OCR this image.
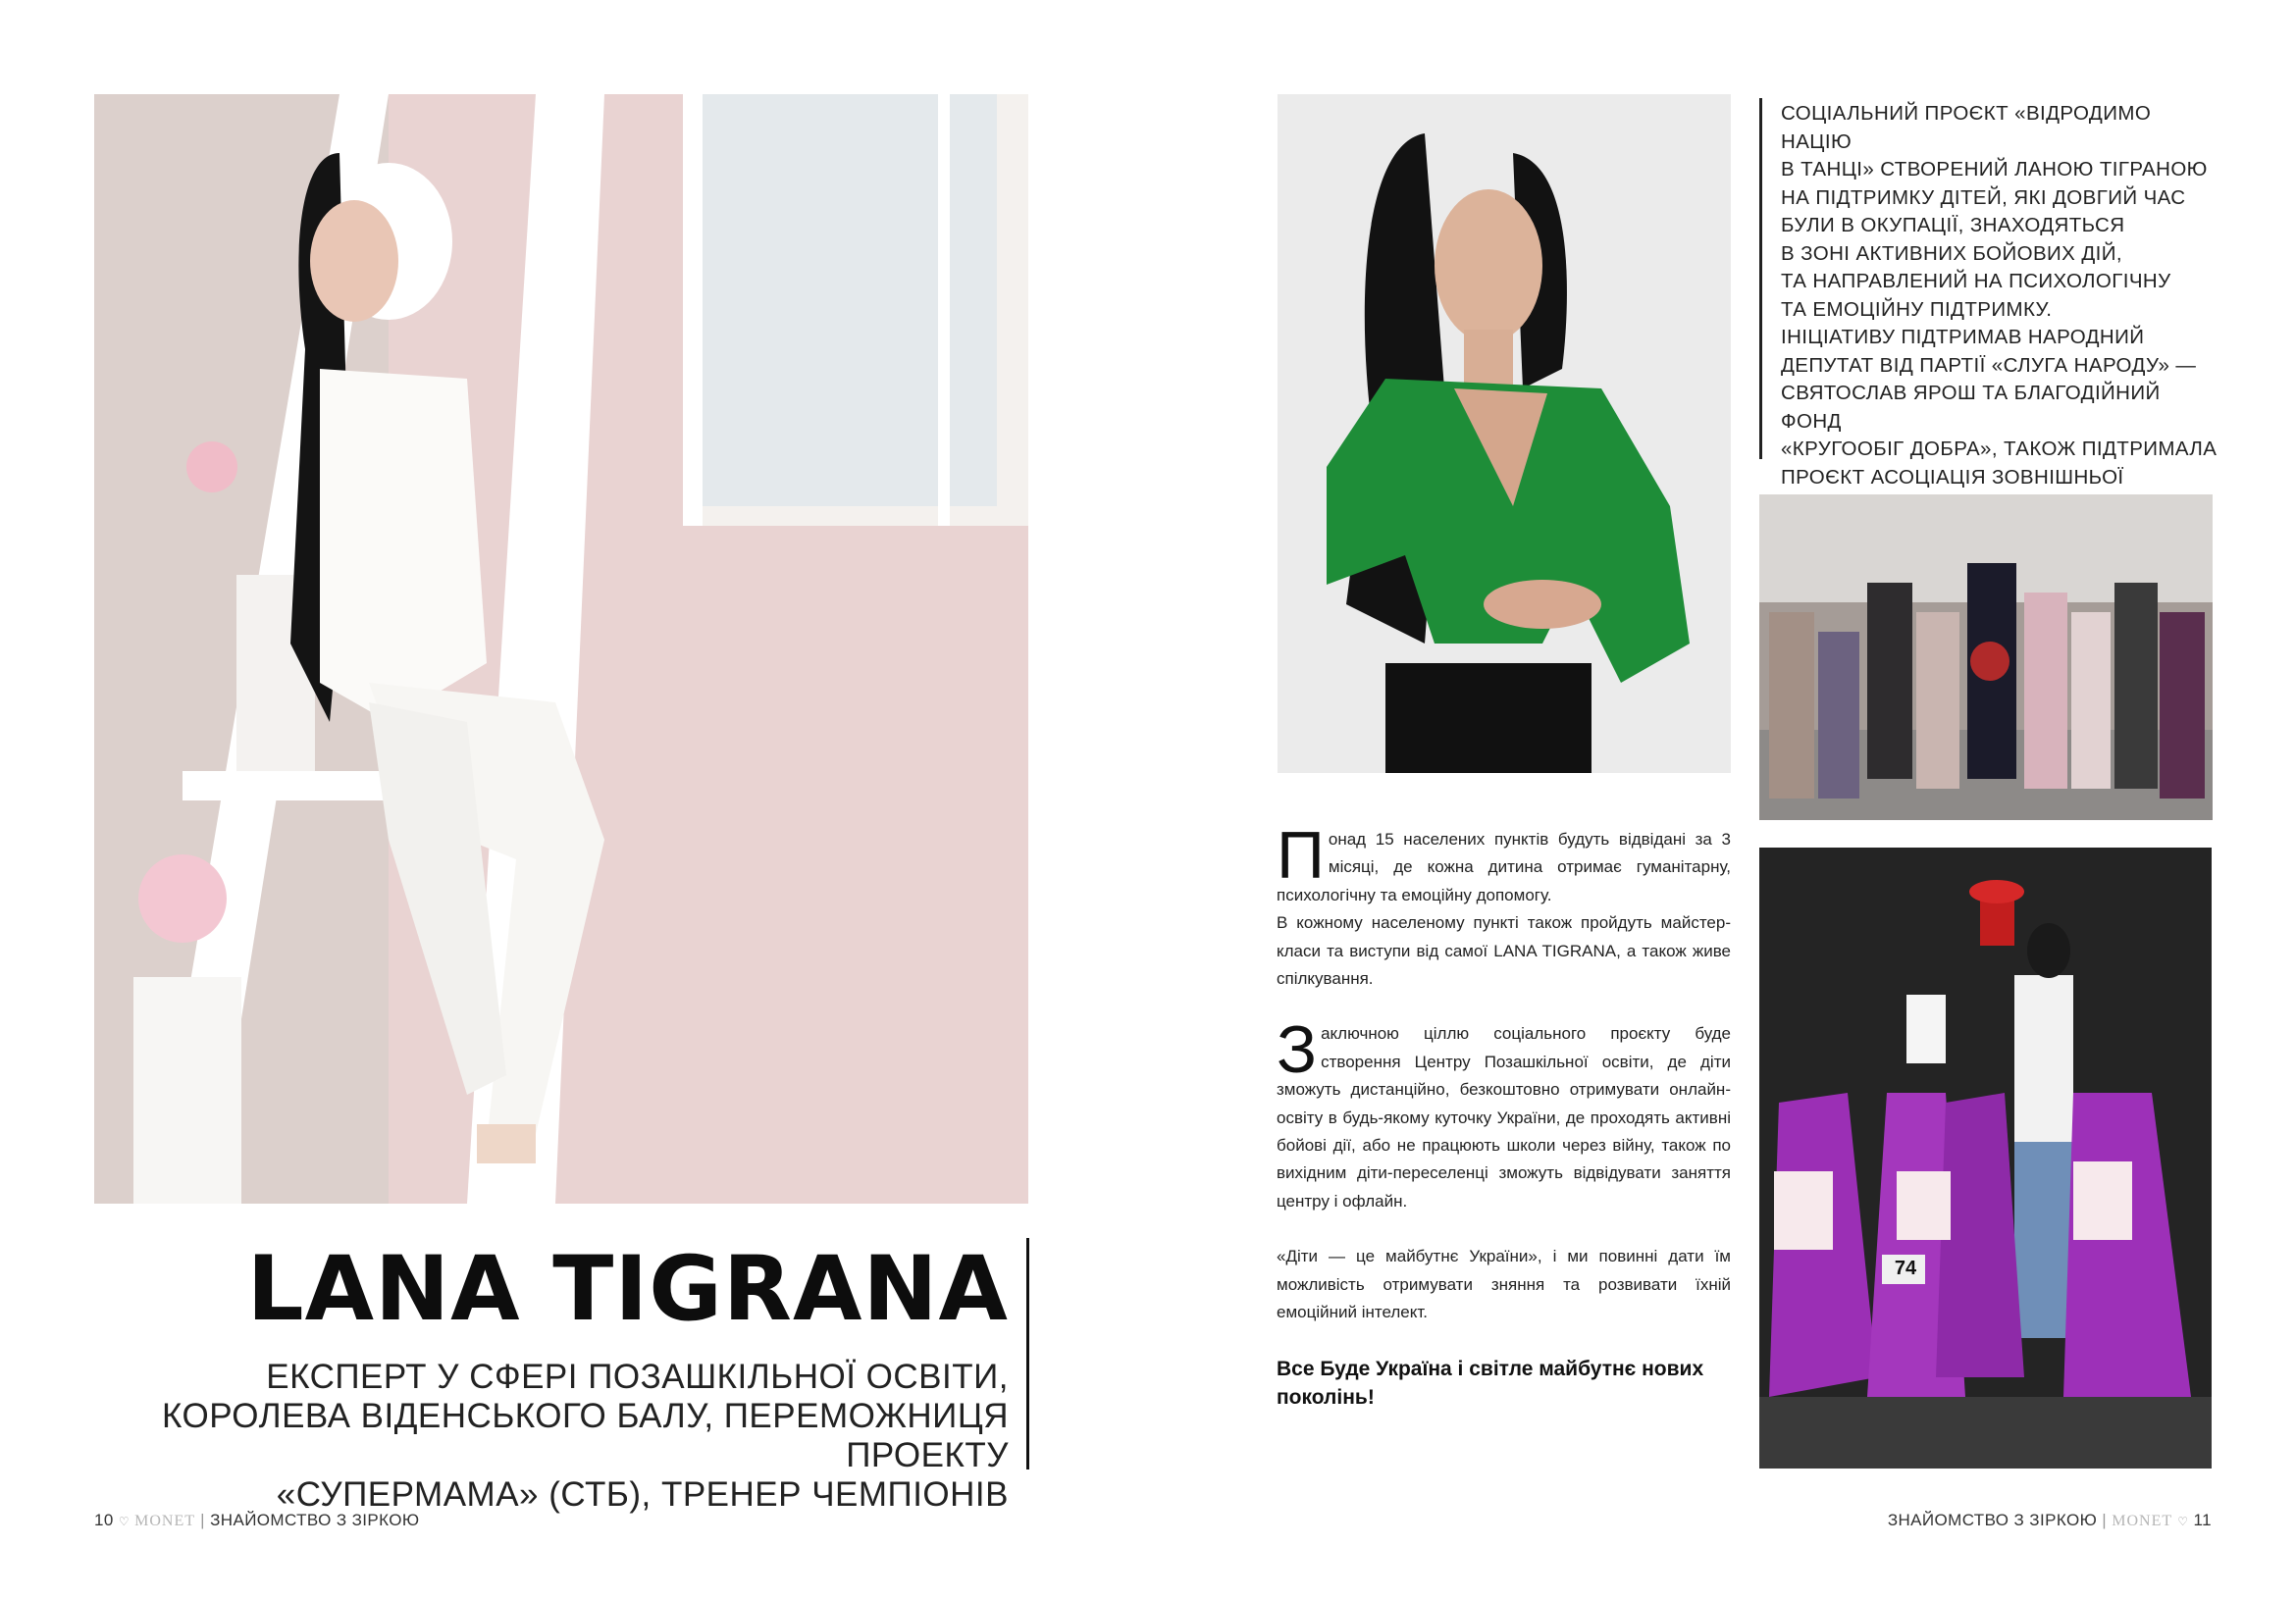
LANA TIGRANA
ЕКСПЕРТ У СФЕРІ ПОЗАШКІЛЬНОЇ ОСВІТИ,
КОРОЛЕВА ВІДЕНСЬКОГО БАЛУ, ПЕРЕМОЖНИЦЯ ПРОЕКТУ
«СУПЕРМАМА» (СТБ), ТРЕНЕР ЧЕМПІОНІВ
10 ♡ MONET | ЗНАЙОМСТВО З ЗІРКОЮ
СОЦІАЛЬНИЙ ПРОЄКТ «ВІДРОДИМО НАЦІЮ
В ТАНЦІ» СТВОРЕНИЙ ЛАНОЮ ТІГРАНОЮ
НА ПІДТРИМКУ ДІТЕЙ, ЯКІ ДОВГИЙ ЧАС
БУЛИ В ОКУПАЦІЇ, ЗНАХОДЯТЬСЯ
В ЗОНІ АКТИВНИХ БОЙОВИХ ДІЙ,
ТА НАПРАВЛЕНИЙ НА ПСИХОЛОГІЧНУ
ТА ЕМОЦІЙНУ ПІДТРИМКУ.
ІНІЦІАТИВУ ПІДТРИМАВ НАРОДНИЙ
ДЕПУТАТ ВІД ПАРТІЇ «СЛУГА НАРОДУ» —
СВЯТОСЛАВ ЯРОШ ТА БЛАГОДІЙНИЙ ФОНД
«КРУГООБІГ ДОБРА», ТАКОЖ ПІДТРИМАЛА
ПРОЄКТ АСОЦІАЦІЯ ЗОВНІШНЬОЇ

74

Понад 15 населених пунктів будуть відвідані за 3 місяці, де кожна дитина отримає гуманітарну, психологічну та емоційну допомогу.
В кожному населеному пункті також пройдуть майстер-класи та виступи від самої LANA TIGRANA, а також живе спілкування.

Заключною ціллю соціального проєкту буде створення Центру Позашкільної освіти, де діти зможуть дистанційно, безкоштовно отримувати онлайн-освіту в будь-якому куточку України, де проходять активні бойові дії, або не працюють школи через війну, також по вихідним діти-переселенці зможуть відвідувати заняття центру і офлайн.

«Діти — це майбутнє України», і ми повинні дати їм можливість отримувати зняння та розвивати їхній емоційний інтелект.

Все Буде Україна і світле майбутнє нових поколінь!

ЗНАЙОМСТВО З ЗІРКОЮ | MONET ♡ 11
